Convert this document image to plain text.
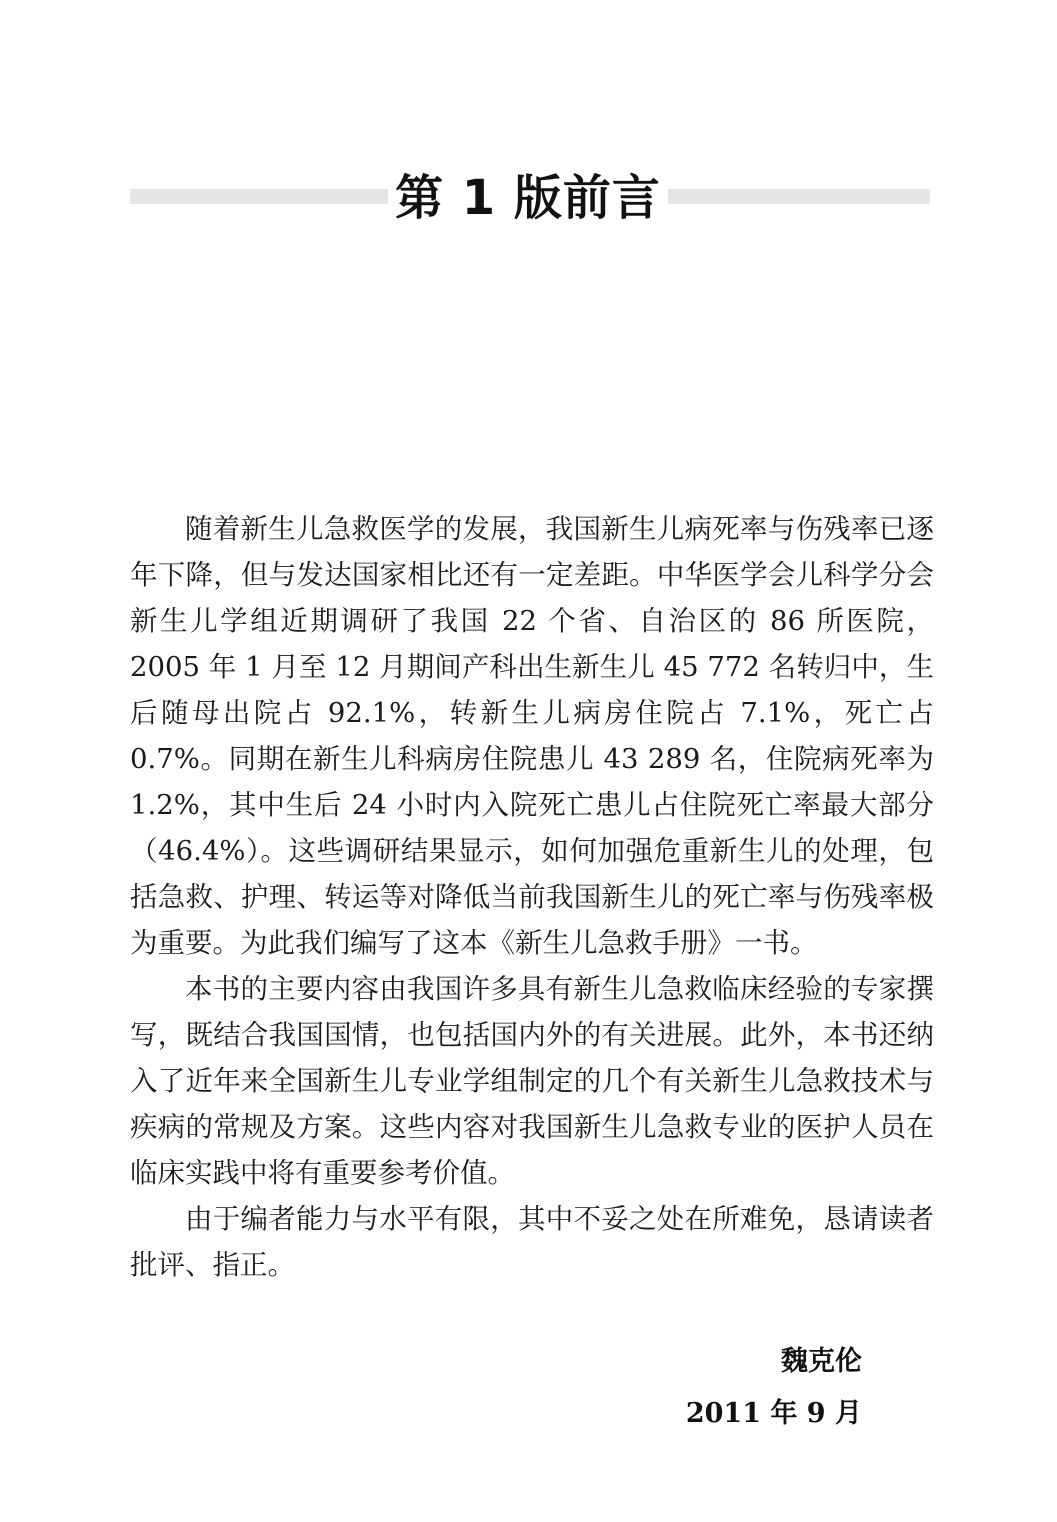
第 1 版前言

随着新生儿急救医学的发展，我国新生儿病死率与伤残率已逐年下降，但与发达国家相比还有一定差距。中华医学会儿科学分会新生儿学组近期调研了我国 22 个省、自治区的 86 所医院，2005 年 1 月至 12 月期间产科出生新生儿 45 772 名转归中，生后随母出院占 92.1%，转新生儿病房住院占 7.1%，死亡占 0.7%。同期在新生儿科病房住院患儿 43 289 名，住院病死率为 1.2%，其中生后 24 小时内入院死亡患儿占住院死亡率最大部分（46.4%）。这些调研结果显示，如何加强危重新生儿的处理，包括急救、护理、转运等对降低当前我国新生儿的死亡率与伤残率极为重要。为此我们编写了这本《新生儿急救手册》一书。

本书的主要内容由我国许多具有新生儿急救临床经验的专家撰写，既结合我国国情，也包括国内外的有关进展。此外，本书还纳入了近年来全国新生儿专业学组制定的几个有关新生儿急救技术与疾病的常规及方案。这些内容对我国新生儿急救专业的医护人员在临床实践中将有重要参考价值。

由于编者能力与水平有限，其中不妥之处在所难免，恳请读者批评、指正。

魏克伦
2011 年 9 月
